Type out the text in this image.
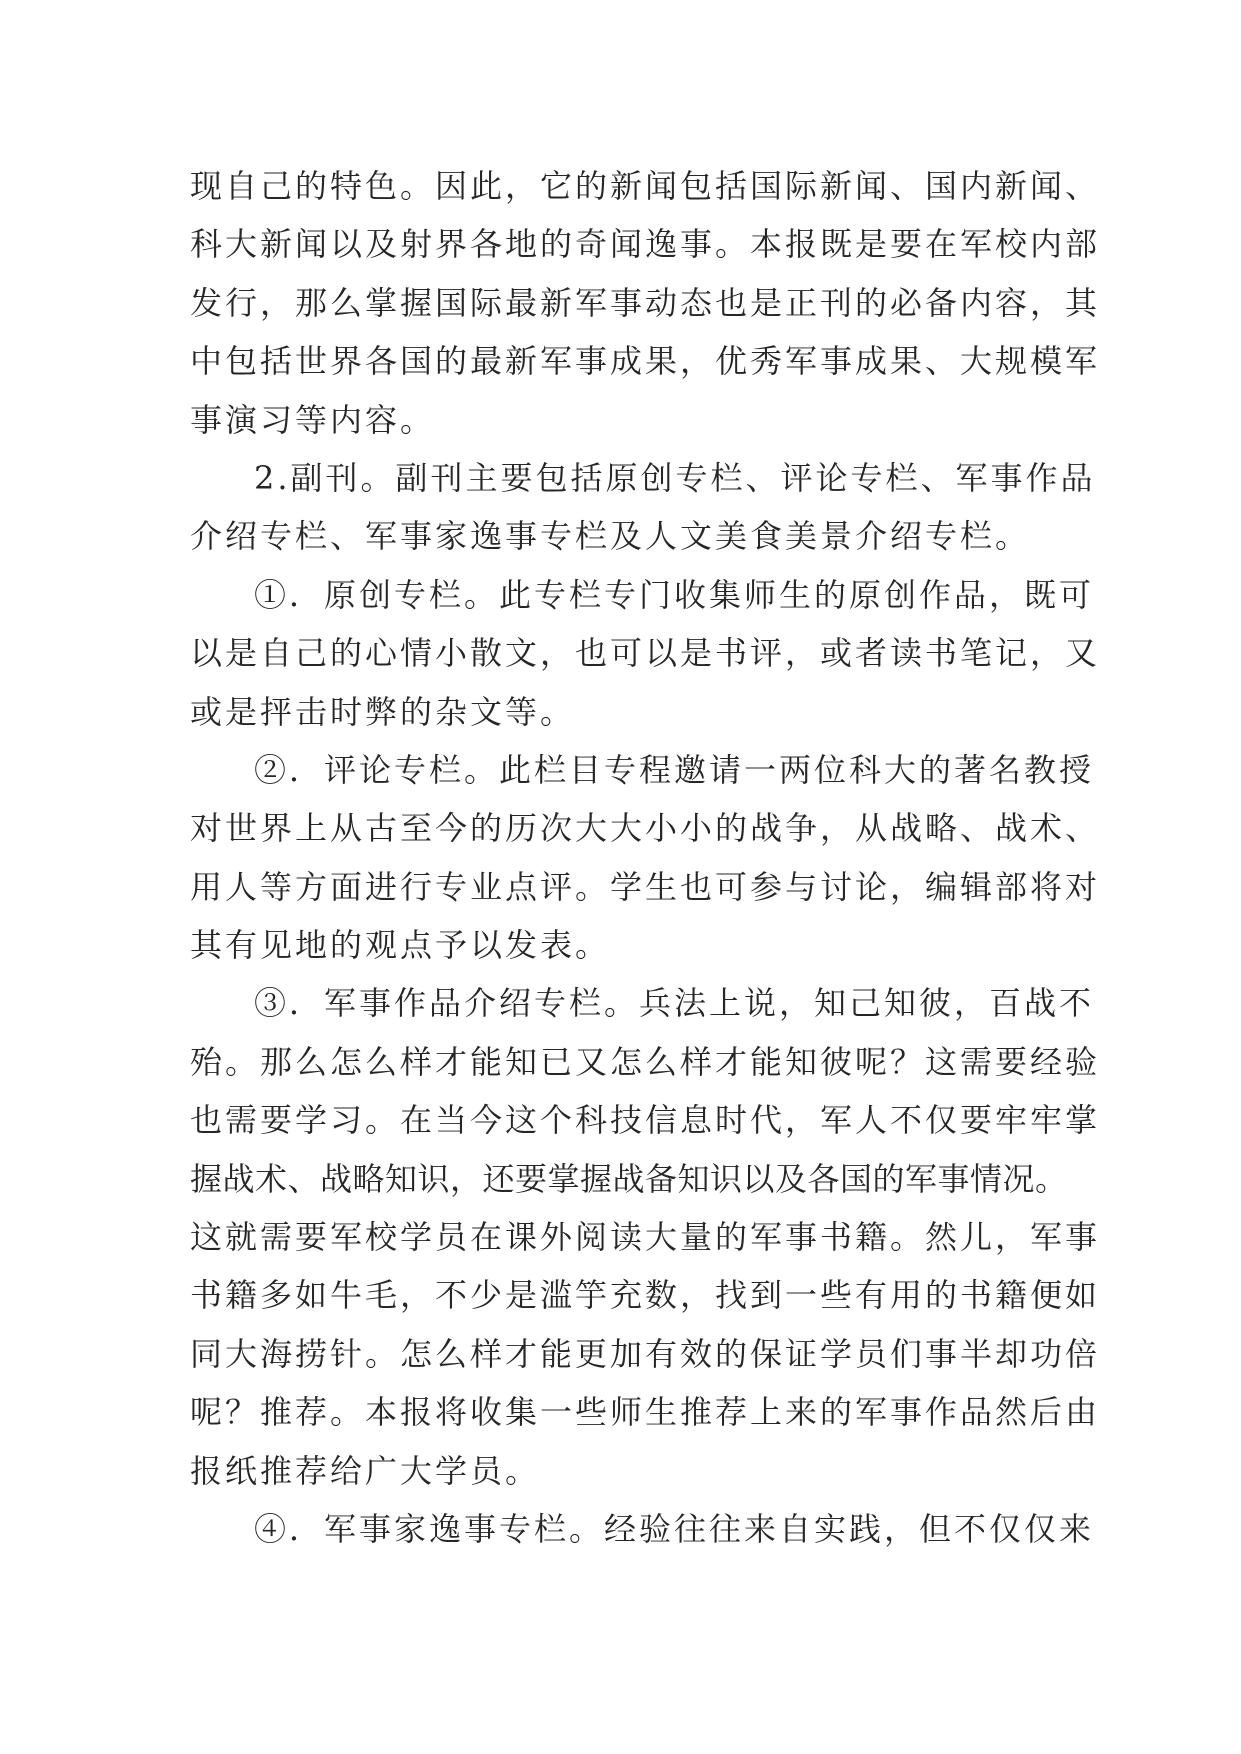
现自己的特色。因此，它的新闻包括国际新闻、国内新闻、
科大新闻以及射界各地的奇闻逸事。本报既是要在军校内部
发行，那么掌握国际最新军事动态也是正刊的必备内容，其
中包括世界各国的最新军事成果，优秀军事成果、大规模军
事演习等内容。
2.副刊。副刊主要包括原创专栏、评论专栏、军事作品
介绍专栏、军事家逸事专栏及人文美食美景介绍专栏。
①．原创专栏。此专栏专门收集师生的原创作品，既可
以是自己的心情小散文，也可以是书评，或者读书笔记，又
或是抨击时弊的杂文等。
②．评论专栏。此栏目专程邀请一两位科大的著名教授
对世界上从古至今的历次大大小小的战争，从战略、战术、
用人等方面进行专业点评。学生也可参与讨论，编辑部将对
其有见地的观点予以发表。
③．军事作品介绍专栏。兵法上说，知己知彼，百战不
殆。那么怎么样才能知已又怎么样才能知彼呢？这需要经验
也需要学习。在当今这个科技信息时代，军人不仅要牢牢掌
握战术、战略知识，还要掌握战备知识以及各国的军事情况。
这就需要军校学员在课外阅读大量的军事书籍。然儿，军事
书籍多如牛毛，不少是滥竽充数，找到一些有用的书籍便如
同大海捞针。怎么样才能更加有效的保证学员们事半却功倍
呢？推荐。本报将收集一些师生推荐上来的军事作品然后由
报纸推荐给广大学员。
④．军事家逸事专栏。经验往往来自实践，但不仅仅来
